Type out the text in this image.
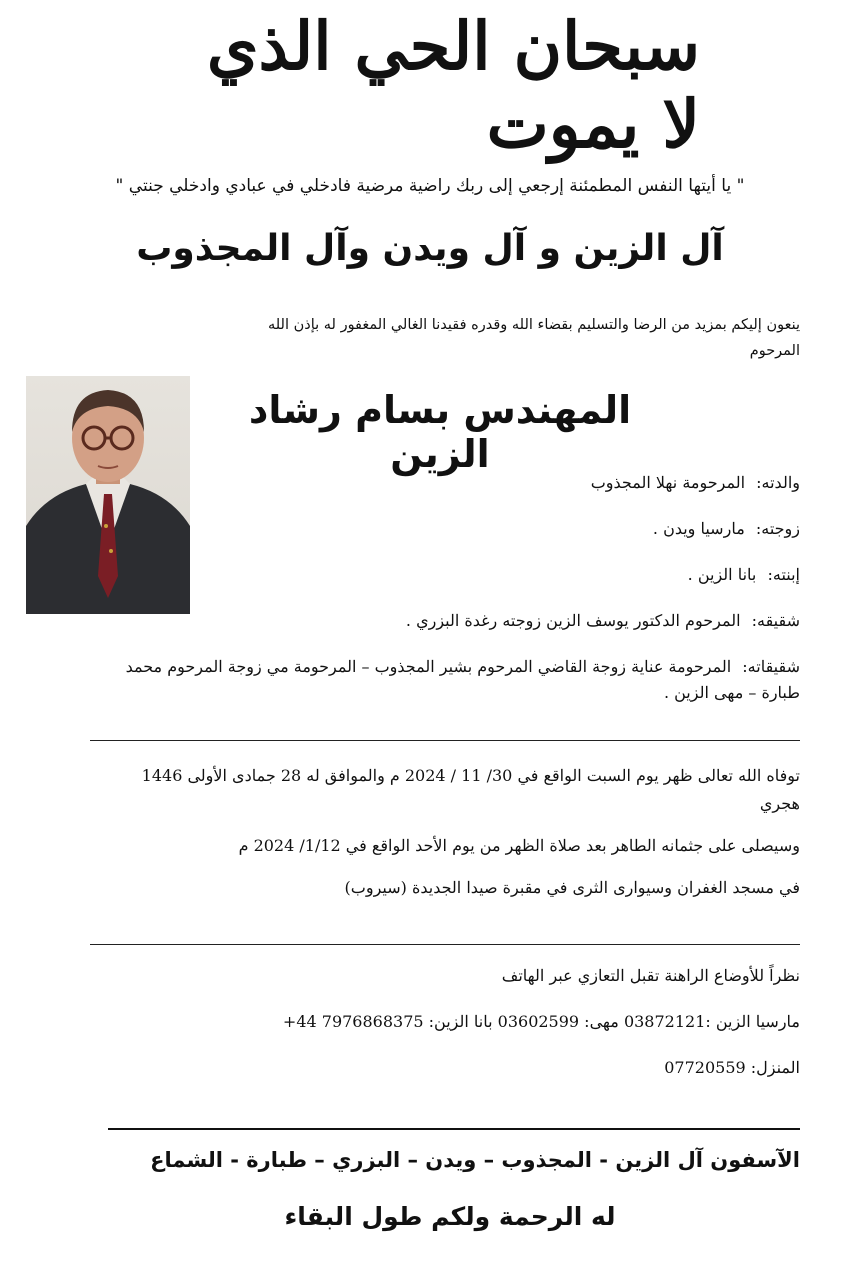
سبحان الحي الذي لا يموت
" يا أيتها النفس المطمئنة إرجعي إلى ربك راضية مرضية فادخلي في عبادي وادخلي جنتي "
آل الزين و آل ويدن وآل المجذوب
ينعون إليكم بمزيد من الرضا والتسليم بقضاء الله وقدره فقيدنا الغالي المغفور له بإذن الله
المرحوم
المهندس بسام رشاد الزين
والدته: المرحومة نهلا المجذوب
زوجته: مارسيا ويدن .
إبنته: بانا الزين .
شقيقه: المرحوم الدكتور يوسف الزين زوجته رغدة البزري .
شقيقاته: المرحومة عناية زوجة القاضي المرحوم بشير المجذوب – المرحومة مي زوجة المرحوم محمد طبارة – مهى الزين .
توفاه الله تعالى ظهر يوم السبت الواقع في 30/ 11 / 2024 م والموافق له 28 جمادى الأولى 1446 هجري
وسيصلى على جثمانه الطاهر بعد صلاة الظهر من يوم الأحد الواقع في 1/12/ 2024 م
في مسجد الغفران وسيوارى الثرى في مقبرة صيدا الجديدة (سيروب)
نظراً للأوضاع الراهنة تقبل التعازي عبر الهاتف
مارسيا الزين :03872121 مهى: 03602599 بانا الزين: 7976868375 44+
المنزل: 07720559
الآسفون آل الزين - المجذوب – ويدن – البزري – طبارة - الشماع
له الرحمة ولكم طول البقاء
